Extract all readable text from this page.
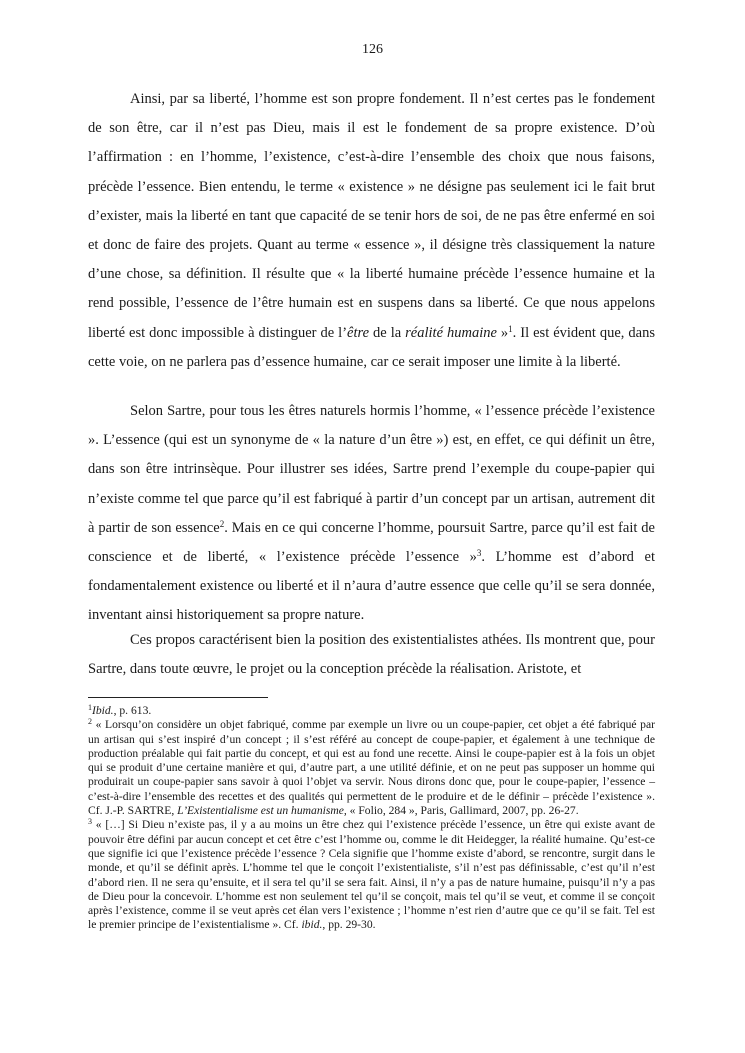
126

Ainsi, par sa liberté, l’homme est son propre fondement. Il n’est certes pas le fondement de son être, car il n’est pas Dieu, mais il est le fondement de sa propre existence. D’où l’affirmation : en l’homme, l’existence, c’est-à-dire l’ensemble des choix que nous faisons, précède l’essence. Bien entendu, le terme « existence » ne désigne pas seulement ici le fait brut d’exister, mais la liberté en tant que capacité de se tenir hors de soi, de ne pas être enfermé en soi et donc de faire des projets. Quant au terme « essence », il désigne très classiquement la nature d’une chose, sa définition. Il résulte que « la liberté humaine précède l’essence humaine et la rend possible, l’essence de l’être humain est en suspens dans sa liberté. Ce que nous appelons liberté est donc impossible à distinguer de l’être de la réalité humaine »$^1$. Il est évident que, dans cette voie, on ne parlera pas d’essence humaine, car ce serait imposer une limite à la liberté.

Selon Sartre, pour tous les êtres naturels hormis l’homme, « l’essence précède l’existence ». L’essence (qui est un synonyme de « la nature d’un être ») est, en effet, ce qui définit un être, dans son être intrinsèque. Pour illustrer ses idées, Sartre prend l’exemple du coupe-papier qui n’existe comme tel que parce qu’il est fabriqué à partir d’un concept par un artisan, autrement dit à partir de son essence$^2$. Mais en ce qui concerne l’homme, poursuit Sartre, parce qu’il est fait de conscience et de liberté, « l’existence précède l’essence »$^3$. L’homme est d’abord et fondamentalement existence ou liberté et il n’aura d’autre essence que celle qu’il se sera donnée, inventant ainsi historiquement sa propre nature.

Ces propos caractérisent bien la position des existentialistes athées. Ils montrent que, pour Sartre, dans toute œuvre, le projet ou la conception précède la réalisation. Aristote, et

$^1$Ibid., p. 613.

$^2$ « Lorsqu’on considère un objet fabriqué, comme par exemple un livre ou un coupe-papier, cet objet a été fabriqué par un artisan qui s’est inspiré d’un concept ; il s’est référé au concept de coupe-papier, et également à une technique de production préalable qui fait partie du concept, et qui est au fond une recette. Ainsi le coupe-papier est à la fois un objet qui se produit d’une certaine manière et qui, d’autre part, a une utilité définie, et on ne peut pas supposer un homme qui produirait un coupe-papier sans savoir à quoi l’objet va servir. Nous dirons donc que, pour le coupe-papier, l’essence – c’est-à-dire l’ensemble des recettes et des qualités qui permettent de le produire et de le définir – précède l’existence ». Cf. J.-P. SARTRE, L’Existentialisme est un humanisme, « Folio, 284 », Paris, Gallimard, 2007, pp. 26-27.

$^3$ « […] Si Dieu n’existe pas, il y a au moins un être chez qui l’existence précède l’essence, un être qui existe avant de pouvoir être défini par aucun concept et cet être c’est l’homme ou, comme le dit Heidegger, la réalité humaine. Qu’est-ce que signifie ici que l’existence précède l’essence ? Cela signifie que l’homme existe d’abord, se rencontre, surgit dans le monde, et qu’il se définit après. L’homme tel que le conçoit l’existentialiste, s’il n’est pas définissable, c’est qu’il n’est d’abord rien. Il ne sera qu’ensuite, et il sera tel qu’il se sera fait. Ainsi, il n’y a pas de nature humaine, puisqu’il n’y a pas de Dieu pour la concevoir. L’homme est non seulement tel qu’il se conçoit, mais tel qu’il se veut, et comme il se conçoit après l’existence, comme il se veut après cet élan vers l’existence ; l’homme n’est rien d’autre que ce qu’il se fait. Tel est le premier principe de l’existentialisme ». Cf. ibid., pp. 29-30.
